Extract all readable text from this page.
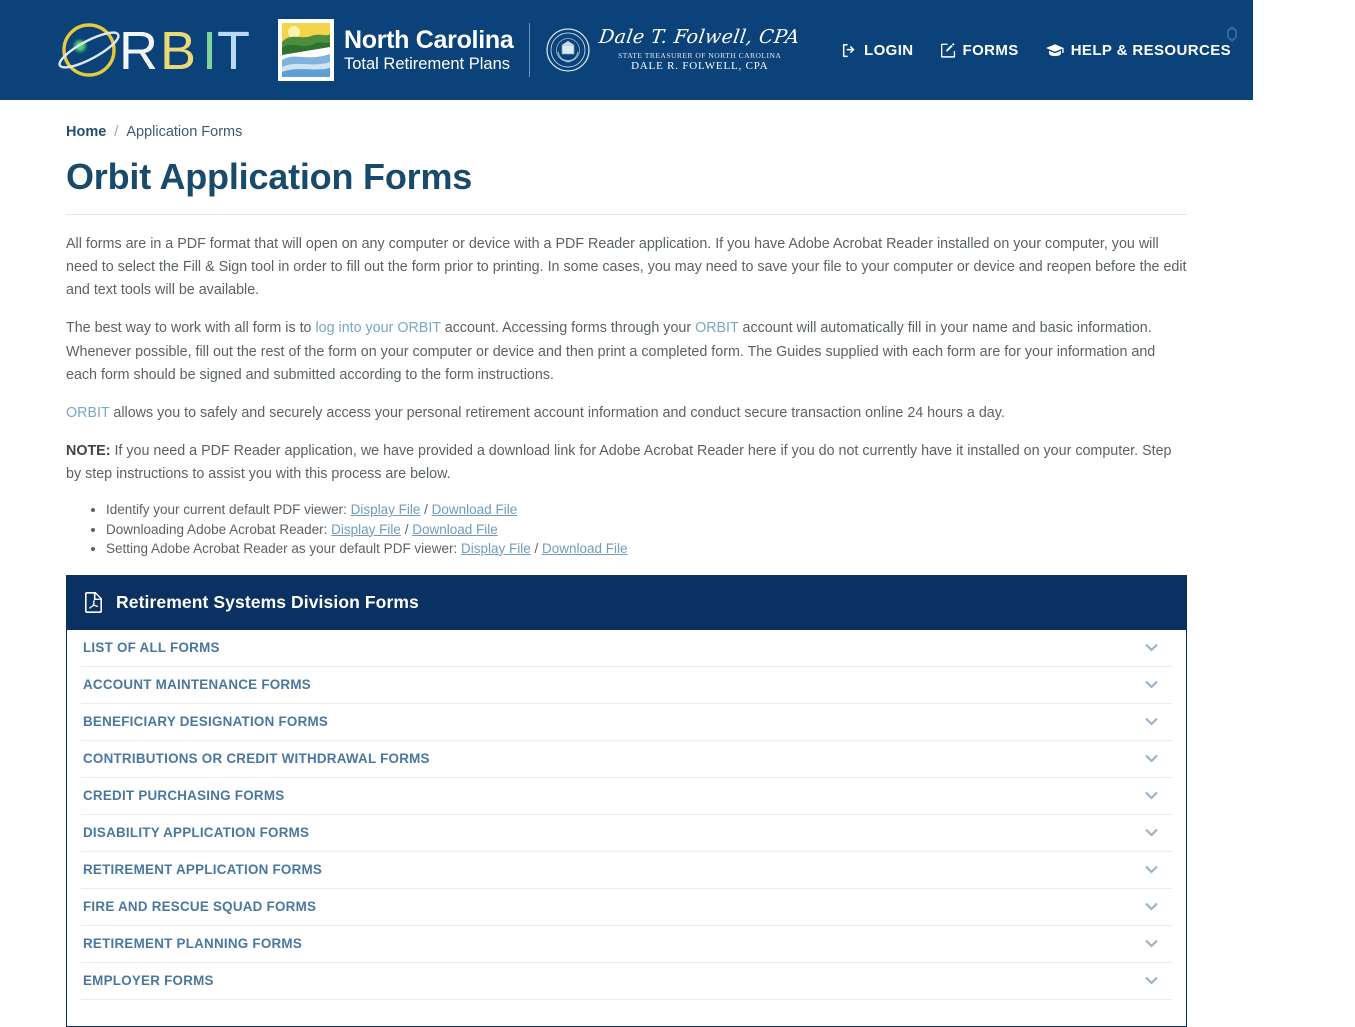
R B I T	North Carolina
Total Retirement Plans
Dale T. Folwell, CPA
STATE TREASURER OF NORTH CAROLINA
DALE R. FOLWELL, CPA
LOGIN	FORMS	HELP & RESOURCES	CONTACT
Home / Application Forms
Orbit Application Forms

All forms are in a PDF format that will open on any computer or device with a PDF Reader application. If you have Adobe Acrobat Reader installed on your computer, you will need to select the Fill & Sign tool in order to fill out the form prior to printing. In some cases, you may need to save your file to your computer or device and reopen before the edit and text tools will be available.

The best way to work with all form is to log into your ORBIT account. Accessing forms through your ORBIT account will automatically fill in your name and basic information. Whenever possible, fill out the rest of the form on your computer or device and then print a completed form. The Guides supplied with each form are for your information and each form should be signed and submitted according to the form instructions.

ORBIT allows you to safely and securely access your personal retirement account information and conduct secure transaction online 24 hours a day.

NOTE: If you need a PDF Reader application, we have provided a download link for Adobe Acrobat Reader here if you do not currently have it installed on your computer. Step by step instructions to assist you with this process are below.

• Identify your current default PDF viewer: Display File / Download File
• Downloading Adobe Acrobat Reader: Display File / Download File
• Setting Adobe Acrobat Reader as your default PDF viewer: Display File / Download File
Retirement Systems Division Forms
LIST OF ALL FORMS
ACCOUNT MAINTENANCE FORMS
BENEFICIARY DESIGNATION FORMS
CONTRIBUTIONS OR CREDIT WITHDRAWAL FORMS
CREDIT PURCHASING FORMS
DISABILITY APPLICATION FORMS
RETIREMENT APPLICATION FORMS
FIRE AND RESCUE SQUAD FORMS
RETIREMENT PLANNING FORMS
EMPLOYER FORMS
